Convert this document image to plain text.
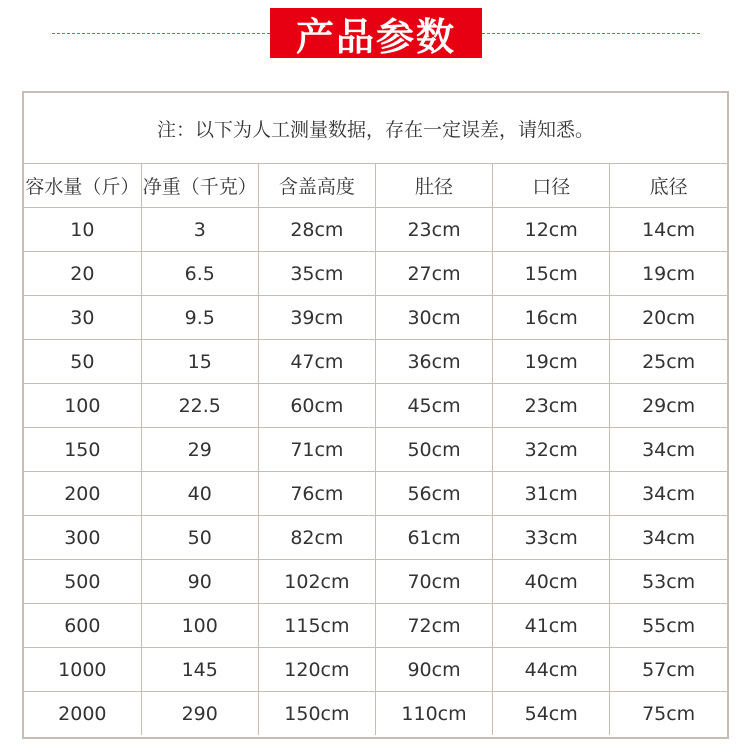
产品参数
注：以下为人工测量数据，存在一定误差，请知悉。
容水量（斤）	净重（千克）	含盖高度	肚径	口径	底径
10	3	28cm	23cm	12cm	14cm
20	6.5	35cm	27cm	15cm	19cm
30	9.5	39cm	30cm	16cm	20cm
50	15	47cm	36cm	19cm	25cm
100	22.5	60cm	45cm	23cm	29cm
150	29	71cm	50cm	32cm	34cm
200	40	76cm	56cm	31cm	34cm
300	50	82cm	61cm	33cm	34cm
500	90	102cm	70cm	40cm	53cm
600	100	115cm	72cm	41cm	55cm
1000	145	120cm	90cm	44cm	57cm
2000	290	150cm	110cm	54cm	75cm
